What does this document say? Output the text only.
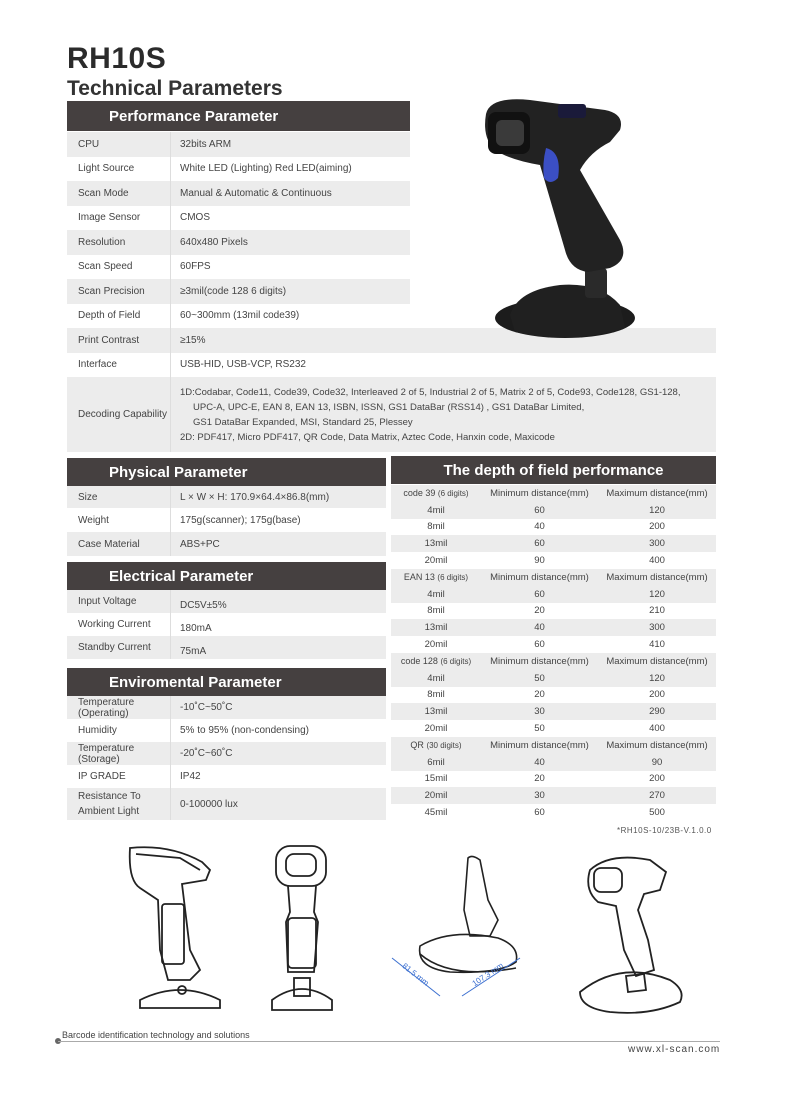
RH10S
Technical Parameters
Performance Parameter
CPU	32bits ARM
Light Source	White LED (Lighting) Red LED(aiming)
Scan Mode	Manual & Automatic & Continuous
Image Sensor	CMOS
Resolution	640x480 Pixels
Scan Speed	60FPS
Scan Precision	≥3mil(code 128 6 digits)
Depth of Field	60~300mm (13mil code39)
Print Contrast	≥15%
Interface	USB-HID, USB-VCP, RS232
Decoding Capability
1D:Codabar, Code11, Code39, Code32, Interleaved 2 of 5, Industrial 2 of 5, Matrix 2 of 5, Code93, Code128, GS1-128,
UPC-A, UPC-E, EAN 8, EAN 13, ISBN, ISSN, GS1 DataBar (RSS14) , GS1 DataBar Limited,
GS1 DataBar Expanded, MSI, Standard 25, Plessey
2D: PDF417, Micro PDF417, QR Code, Data Matrix, Aztec Code, Hanxin code, Maxicode
Physical Parameter
Size	L × W × H: 170.9×64.4×86.8(mm)
Weight	175g(scanner); 175g(base)
Case Material	ABS+PC
Electrical Parameter
Input Voltage	DC5V±5%
Working Current	180mA
Standby Current	75mA
Enviromental Parameter
Temperature (Operating)	-10˚C~50˚C
Humidity	5% to 95% (non-condensing)
Temperature (Storage)	-20˚C~60˚C
IP GRADE	IP42
Resistance To Ambient Light
0-100000 lux
The depth of field performance
code 39 (6 digits)	Minimum distance(mm)	Maximum distance(mm)
4mil	60	120
8mil	40	200
13mil	60	300
20mil	90	400
EAN 13 (6 digits)	Minimum distance(mm)	Maximum distance(mm)
4mil	60	120
8mil	20	210
13mil	40	300
20mil	60	410
code 128 (6 digits)	Minimum distance(mm)	Maximum distance(mm)
4mil	50	120
8mil	20	200
13mil	30	290
20mil	50	400
QR (30 digits)	Minimum distance(mm)	Maximum distance(mm)
6mil	40	90
15mil	20	200
20mil	30	270
45mil	60	500
*RH10S-10/23B-V.1.0.0
81.5 mm	107.3 mm
Barcode identification technology and solutions
www.xl-scan.com
